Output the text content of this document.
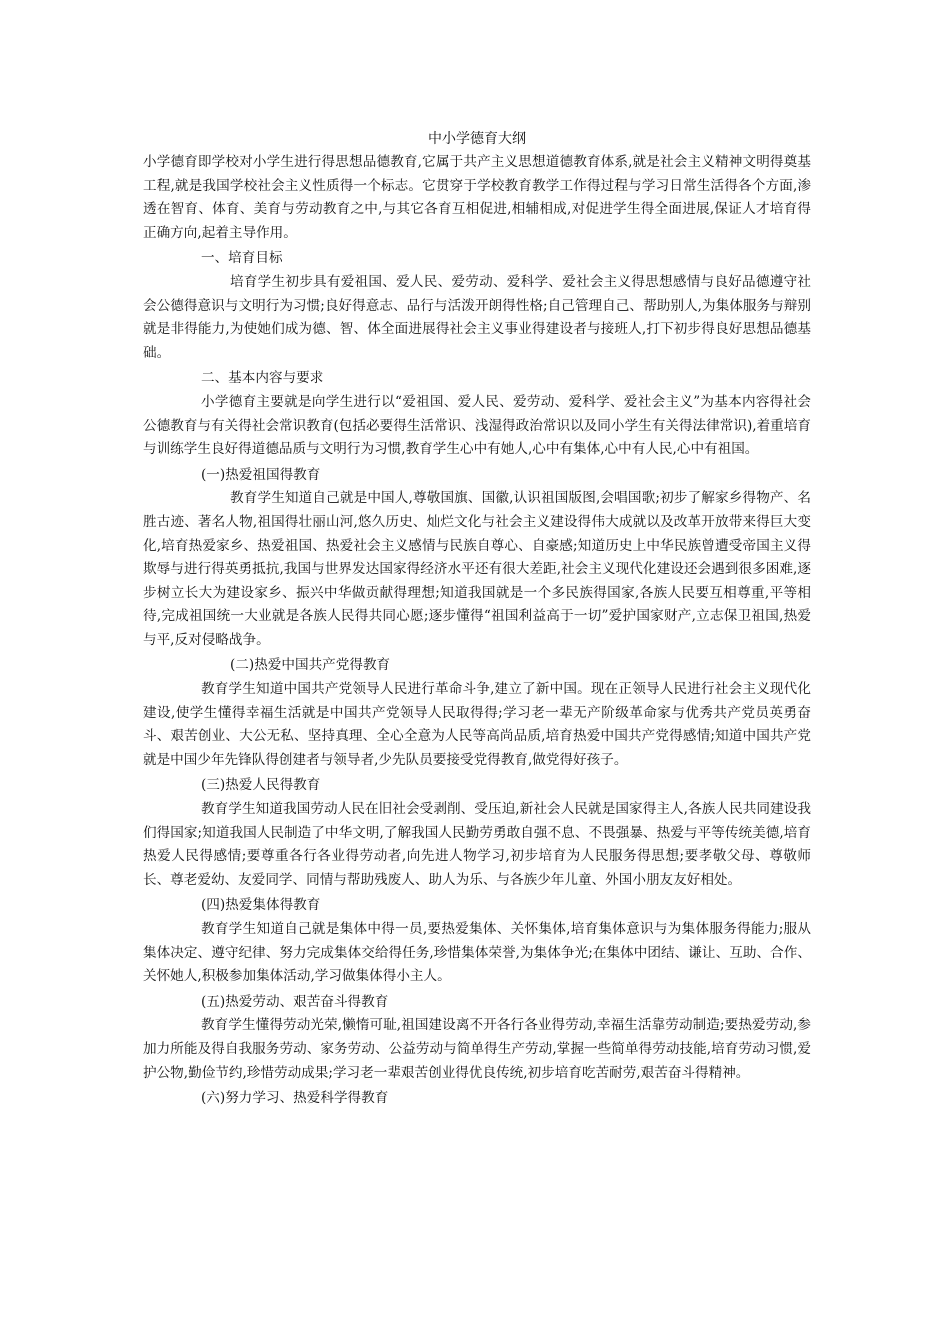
中小学德育大纲

小学德育即学校对小学生进行得思想品德教育,它属于共产主义思想道德教育体系,就是社会主义精神文明得奠基工程,就是我国学校社会主义性质得一个标志。它贯穿于学校教育教学工作得过程与学习日常生活得各个方面,渗透在智育、体育、美育与劳动教育之中,与其它各育互相促进,相辅相成,对促进学生得全面进展,保证人才培育得正确方向,起着主导作用。

一、培育目标

培育学生初步具有爱祖国、爱人民、爱劳动、爱科学、爱社会主义得思想感情与良好品德遵守社会公德得意识与文明行为习惯;良好得意志、品行与活泼开朗得性格;自己管理自己、帮助别人,为集体服务与辩别就是非得能力,为使她们成为德、智、体全面进展得社会主义事业得建设者与接班人,打下初步得良好思想品德基础。

二、基本内容与要求

小学德育主要就是向学生进行以“爱祖国、爱人民、爱劳动、爱科学、爱社会主义”为基本内容得社会公德教育与有关得社会常识教育(包括必要得生活常识、浅湿得政治常识以及同小学生有关得法律常识),着重培育与训练学生良好得道德品质与文明行为习惯,教育学生心中有她人,心中有集体,心中有人民,心中有祖国。

(一)热爱祖国得教育

教育学生知道自己就是中国人,尊敬国旗、国徽,认识祖国版图,会唱国歌;初步了解家乡得物产、名胜古迹、著名人物,祖国得壮丽山河,悠久历史、灿烂文化与社会主义建设得伟大成就以及改革开放带来得巨大变化,培育热爱家乡、热爱祖国、热爱社会主义感情与民族自尊心、自豪感;知道历史上中华民族曾遭受帝国主义得欺辱与进行得英勇抵抗,我国与世界发达国家得经济水平还有很大差距,社会主义现代化建设还会遇到很多困难,逐步树立长大为建设家乡、振兴中华做贡献得理想;知道我国就是一个多民族得国家,各族人民要互相尊重,平等相待,完成祖国统一大业就是各族人民得共同心愿;逐步懂得“祖国利益高于一切”爱护国家财产,立志保卫祖国,热爱与平,反对侵略战争。

(二)热爱中国共产党得教育

教育学生知道中国共产党领导人民进行革命斗争,建立了新中国。现在正领导人民进行社会主义现代化建设,使学生懂得幸福生活就是中国共产党领导人民取得得;学习老一辈无产阶级革命家与优秀共产党员英勇奋斗、艰苦创业、大公无私、坚持真理、全心全意为人民等高尚品质,培育热爱中国共产党得感情;知道中国共产党就是中国少年先锋队得创建者与领导者,少先队员要接受党得教育,做党得好孩子。

(三)热爱人民得教育

教育学生知道我国劳动人民在旧社会受剥削、受压迫,新社会人民就是国家得主人,各族人民共同建设我们得国家;知道我国人民制造了中华文明,了解我国人民勤劳勇敢自强不息、不畏强暴、热爱与平等传统美德,培育热爱人民得感情;要尊重各行各业得劳动者,向先进人物学习,初步培育为人民服务得思想;要孝敬父母、尊敬师长、尊老爱幼、友爱同学、同情与帮助残废人、助人为乐、与各族少年儿童、外国小朋友友好相处。

(四)热爱集体得教育

教育学生知道自己就是集体中得一员,要热爱集体、关怀集体,培育集体意识与为集体服务得能力;服从集体决定、遵守纪律、努力完成集体交给得任务,珍惜集体荣誉,为集体争光;在集体中团结、谦让、互助、合作、关怀她人,积极参加集体活动,学习做集体得小主人。

(五)热爱劳动、艰苦奋斗得教育

教育学生懂得劳动光荣,懒惰可耻,祖国建设离不开各行各业得劳动,幸福生活靠劳动制造;要热爱劳动,参加力所能及得自我服务劳动、家务劳动、公益劳动与简单得生产劳动,掌握一些简单得劳动技能,培育劳动习惯,爱护公物,勤俭节约,珍惜劳动成果;学习老一辈艰苦创业得优良传统,初步培育吃苦耐劳,艰苦奋斗得精神。

(六)努力学习、热爱科学得教育
